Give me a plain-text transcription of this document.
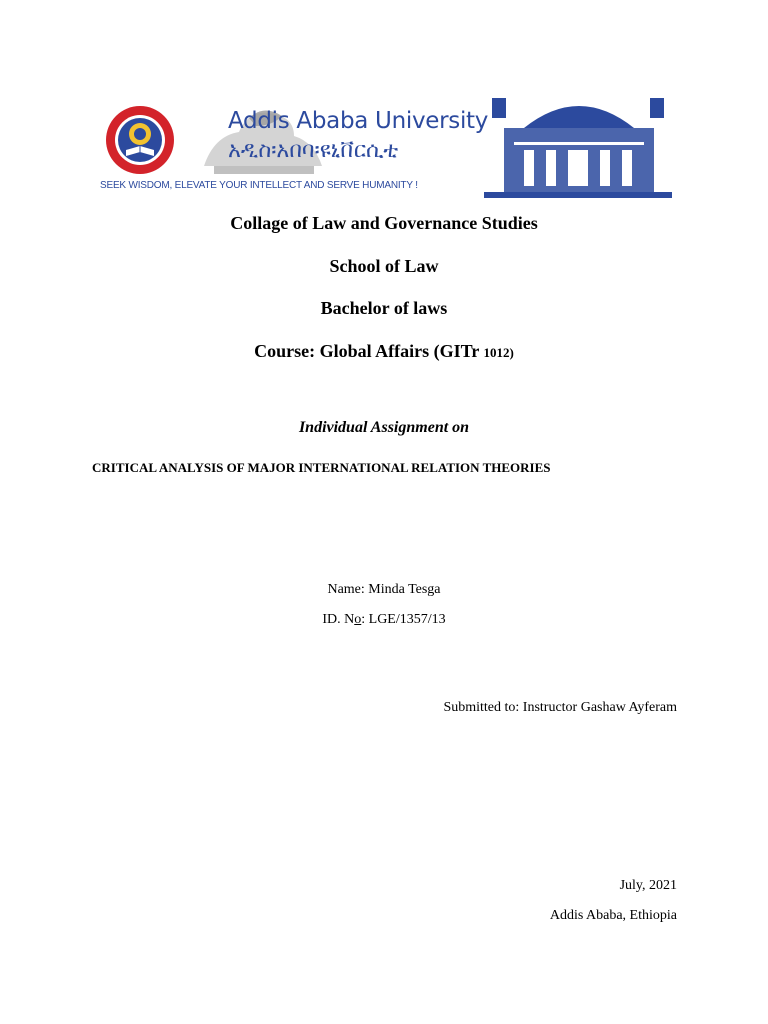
Addis Ababa University
አዲስ፡አበባ፡ዩኒቨርሲቲ
SEEK WISDOM, ELEVATE YOUR INTELLECT AND SERVE HUMANITY !
Collage of Law and Governance Studies
School of Law
Bachelor of laws
Course: Global Affairs (GITr 1012)
Individual Assignment on
CRITICAL ANALYSIS OF MAJOR INTERNATIONAL RELATION THEORIES
Name: Minda Tesga
ID. No: LGE/1357/13
Submitted to: Instructor Gashaw Ayferam
July, 2021
Addis Ababa, Ethiopia
